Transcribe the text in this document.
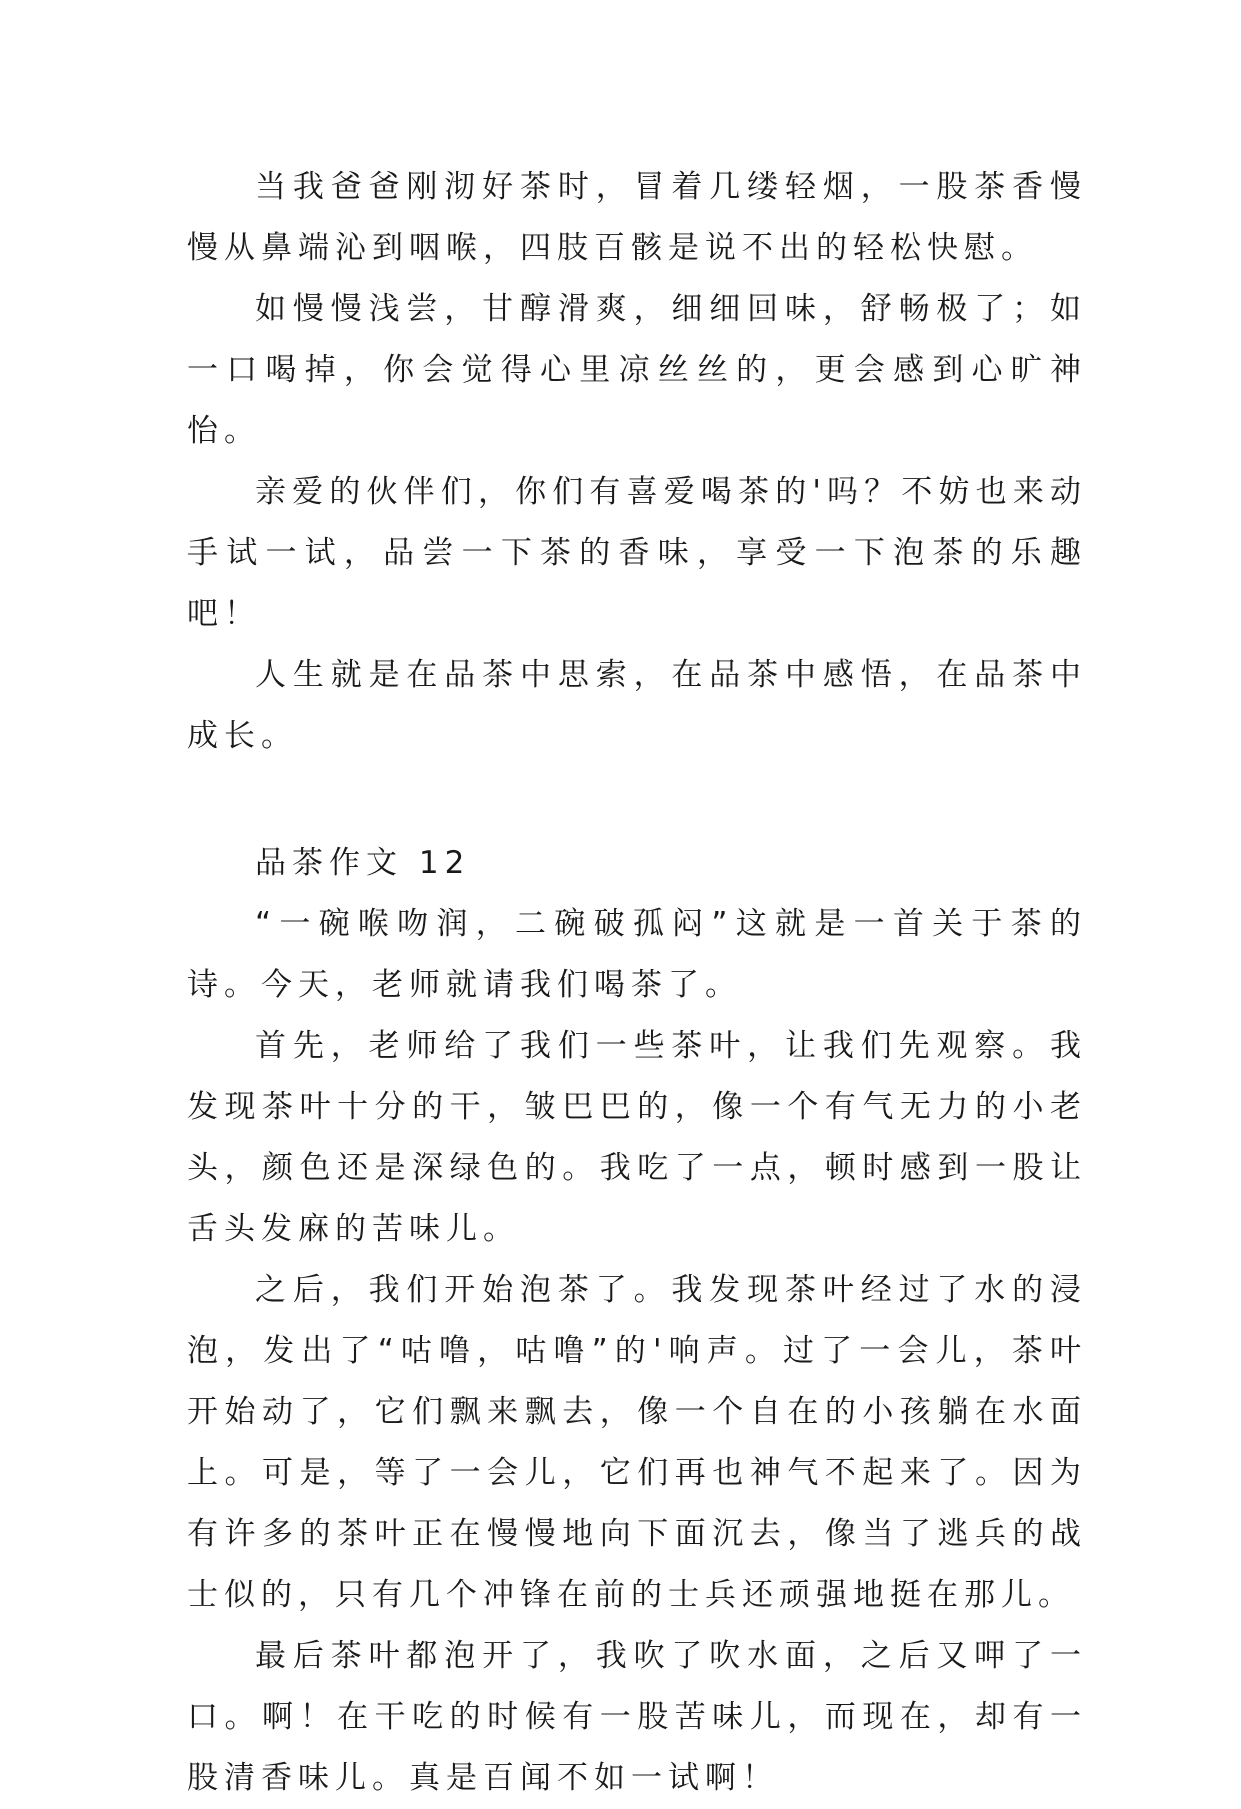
当我爸爸刚沏好茶时，冒着几缕轻烟，一股茶香慢慢从鼻端沁到咽喉，四肢百骸是说不出的轻松快慰。

如慢慢浅尝，甘醇滑爽，细细回味，舒畅极了；如一口喝掉，你会觉得心里凉丝丝的，更会感到心旷神怡。

亲爱的伙伴们，你们有喜爱喝茶的'吗？不妨也来动手试一试，品尝一下茶的香味，享受一下泡茶的乐趣吧！

人生就是在品茶中思索，在品茶中感悟，在品茶中成长。

品茶作文 12

“一碗喉吻润，二碗破孤闷”这就是一首关于茶的诗。今天，老师就请我们喝茶了。

首先，老师给了我们一些茶叶，让我们先观察。我发现茶叶十分的干，皱巴巴的，像一个有气无力的小老头，颜色还是深绿色的。我吃了一点，顿时感到一股让舌头发麻的苦味儿。

之后，我们开始泡茶了。我发现茶叶经过了水的浸泡，发出了“咕噜，咕噜”的'响声。过了一会儿，茶叶开始动了，它们飘来飘去，像一个自在的小孩躺在水面上。可是，等了一会儿，它们再也神气不起来了。因为有许多的茶叶正在慢慢地向下面沉去，像当了逃兵的战士似的，只有几个冲锋在前的士兵还顽强地挺在那儿。

最后茶叶都泡开了，我吹了吹水面，之后又呷了一口。啊！在干吃的时候有一股苦味儿，而现在，却有一股清香味儿。真是百闻不如一试啊！
